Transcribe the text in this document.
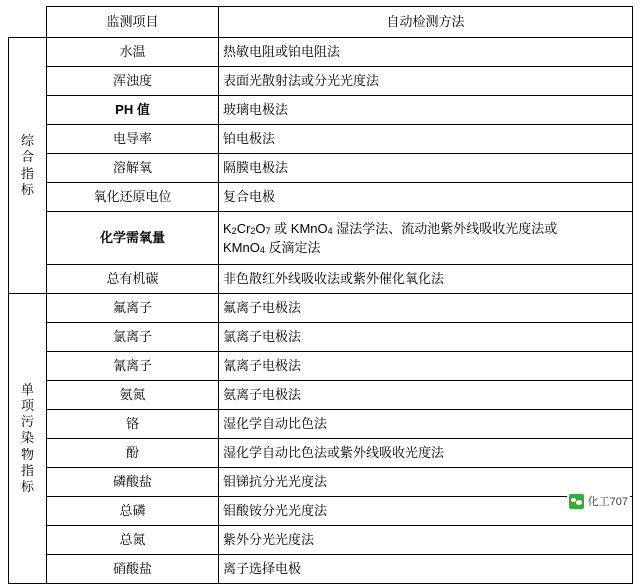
	监测项目	自动检测方法

综
合
指
标	水温	热敏电阻或铂电阻法
	浑浊度	表面光散射法或分光光度法
	PH 值	玻璃电极法
	电导率	铂电极法
	溶解氧	隔膜电极法
	氧化还原电位	复合电极
	化学需氧量	K2Cr2O7 或 KMnO4 湿法学法、流动池紫外线吸收光度法或
KMnO4 反滴定法

	总有机碳	非色散红外线吸收法或紫外催化氧化法

单
项
污
染
物
指
标
	氟离子	氟离子电极法
	氯离子	氯离子电极法
	氰离子	氰离子电极法
	氨氮	氨离子电极法
	铬	湿化学自动比色法
	酚	湿化学自动比色法或紫外线吸收光度法
	磷酸盐	钼锑抗分光光度法
	总磷	钼酸铵分光光度法
	总氮	紫外分光光度法
	硝酸盐	离子选择电极
化工707
